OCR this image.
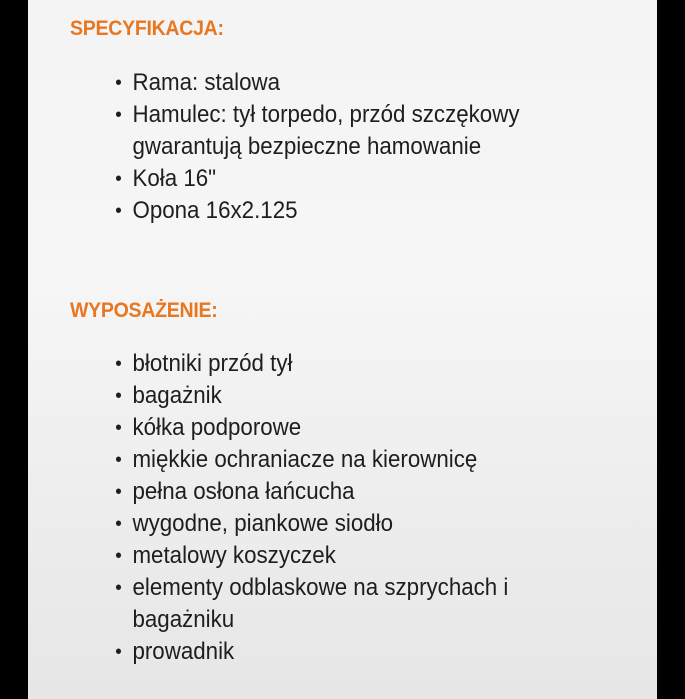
SPECYFIKACJA:
• Rama: stalowa
• Hamulec: tył torpedo, przód szczękowy
gwarantują bezpieczne hamowanie
• Koła 16"
• Opona 16x2.125
WYPOSAŻENIE:
• błotniki przód tył
• bagażnik
• kółka podporowe
• miękkie ochraniacze na kierownicę
• pełna osłona łańcucha
• wygodne, piankowe siodło
• metalowy koszyczek
• elementy odblaskowe na szprychach i
bagażniku
• prowadnik
